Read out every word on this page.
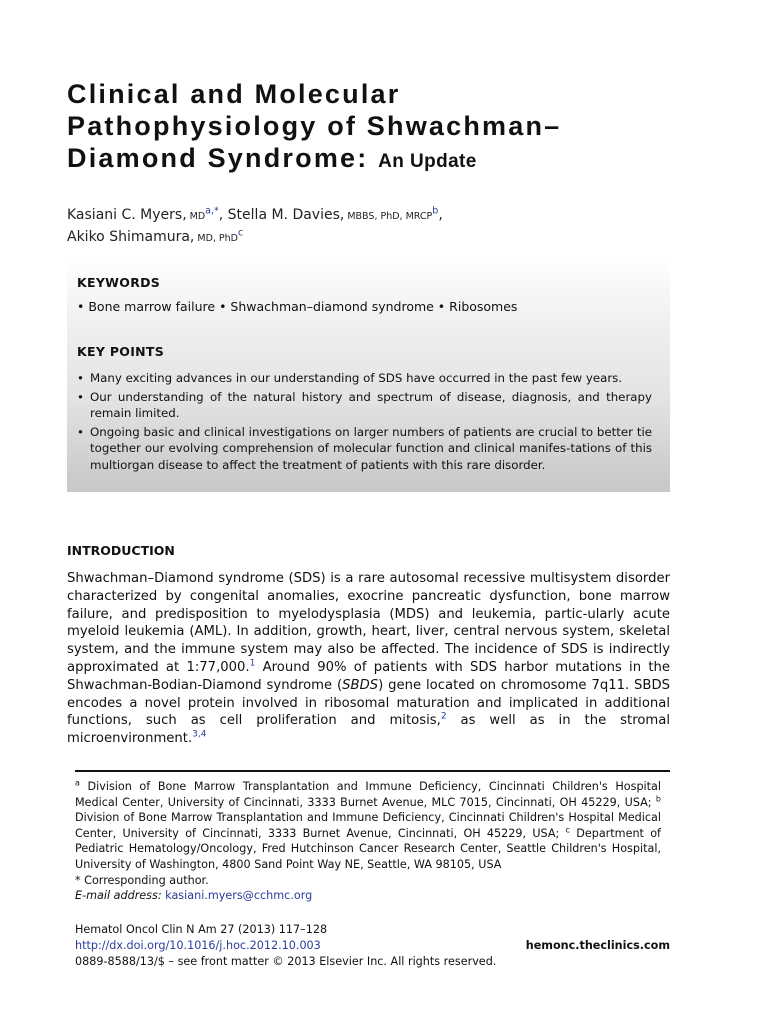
Clinical and Molecular
Pathophysiology of Shwachman–
Diamond Syndrome: An Update
Kasiani C. Myers, MD$^{a,*}$, Stella M. Davies, MBBS, PhD, MRCP$^b$,
Akiko Shimamura, MD, PhD$^c$
KEYWORDS
• Bone marrow failure • Shwachman–diamond syndrome • Ribosomes
KEY POINTS
• Many exciting advances in our understanding of SDS have occurred in the past few years.
• Our understanding of the natural history and spectrum of disease, diagnosis, and therapy remain limited.
• Ongoing basic and clinical investigations on larger numbers of patients are crucial to better tie together our evolving comprehension of molecular function and clinical manifes-tations of this multiorgan disease to affect the treatment of patients with this rare disorder.
INTRODUCTION
Shwachman–Diamond syndrome (SDS) is a rare autosomal recessive multisystem disorder characterized by congenital anomalies, exocrine pancreatic dysfunction, bone marrow failure, and predisposition to myelodysplasia (MDS) and leukemia, partic-ularly acute myeloid leukemia (AML). In addition, growth, heart, liver, central nervous system, skeletal system, and the immune system may also be affected. The incidence of SDS is indirectly approximated at 1:77,000.$^1$ Around 90% of patients with SDS harbor mutations in the Shwachman-Bodian-Diamond syndrome (SBDS) gene located on chromosome 7q11. SBDS encodes a novel protein involved in ribosomal maturation and implicated in additional functions, such as cell proliferation and mitosis,$^2$ as well as in the stromal microenvironment.$^{3,4}$
$^a$ Division of Bone Marrow Transplantation and Immune Deficiency, Cincinnati Children's Hospital Medical Center, University of Cincinnati, 3333 Burnet Avenue, MLC 7015, Cincinnati, OH 45229, USA; $^b$ Division of Bone Marrow Transplantation and Immune Deficiency, Cincinnati Children's Hospital Medical Center, University of Cincinnati, 3333 Burnet Avenue, Cincinnati, OH 45229, USA; $^c$ Department of Pediatric Hematology/Oncology, Fred Hutchinson Cancer Research Center, Seattle Children's Hospital, University of Washington, 4800 Sand Point Way NE, Seattle, WA 98105, USA
* Corresponding author.
E-mail address: kasiani.myers@cchmc.org
Hematol Oncol Clin N Am 27 (2013) 117–128
http://dx.doi.org/10.1016/j.hoc.2012.10.003
0889-8588/13/$ – see front matter © 2013 Elsevier Inc. All rights reserved.
hemonc.theclinics.com
